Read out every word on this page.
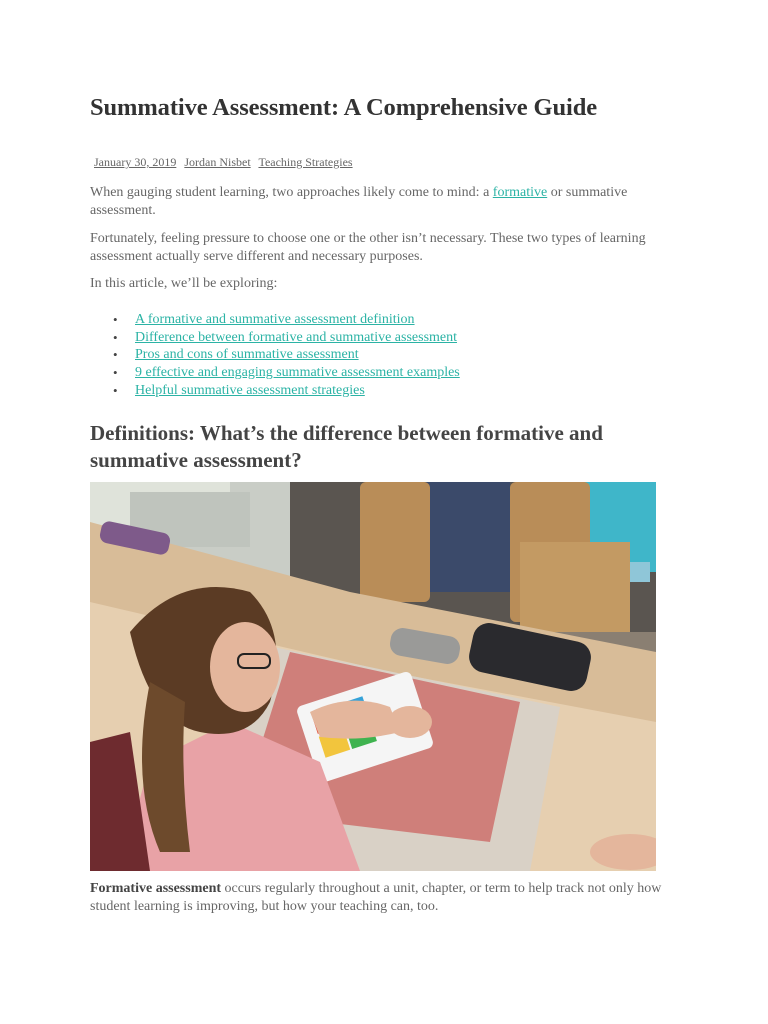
Summative Assessment: A Comprehensive Guide
January 30, 2019 Jordan Nisbet Teaching Strategies

When gauging student learning, two approaches likely come to mind: a formative or summative assessment.

Fortunately, feeling pressure to choose one or the other isn’t necessary. These two types of learning assessment actually serve different and necessary purposes.

In this article, we’ll be exploring:

• A formative and summative assessment definition
• Difference between formative and summative assessment
• Pros and cons of summative assessment
• 9 effective and engaging summative assessment examples
• Helpful summative assessment strategies
Definitions: What’s the difference between formative and summative assessment?

Formative assessment occurs regularly throughout a unit, chapter, or term to help track not only how student learning is improving, but how your teaching can, too.
